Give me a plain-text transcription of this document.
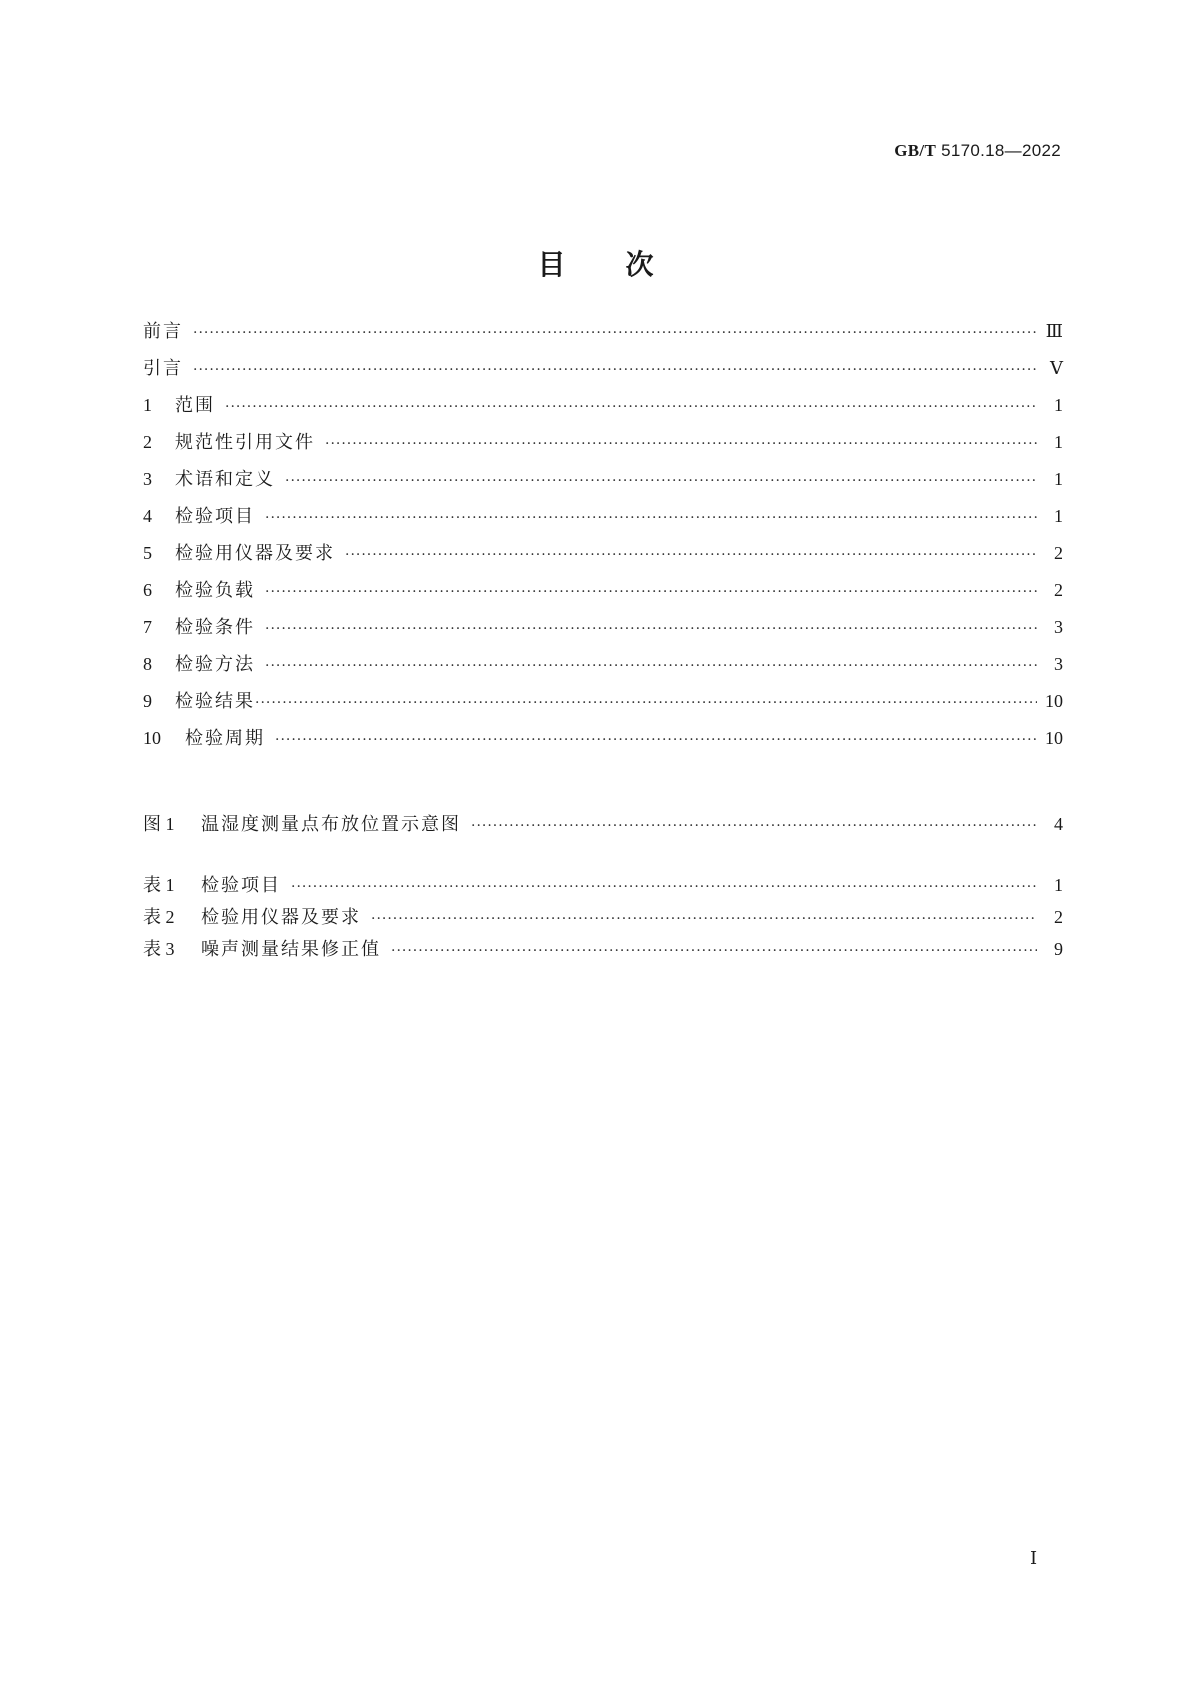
GB/T 5170.18—2022
目次
前言 ·····	Ⅲ
引言 ·····	Ⅴ
1	范围 ·····	1
2	规范性引用文件 ·····	1
3	术语和定义 ·····	1
4	检验项目 ·····	1
5	检验用仪器及要求 ·····	2
6	检验负载 ·····	2
7	检验条件 ·····	3
8	检验方法 ·····	3
9	检验结果 ·····	10
10	检验周期 ·····	10
图 1	温湿度测量点布放位置示意图 ·····	4
表 1	检验项目 ·····	1
表 2	检验用仪器及要求 ·····	2
表 3	噪声测量结果修正值 ·····	9
Ⅰ
